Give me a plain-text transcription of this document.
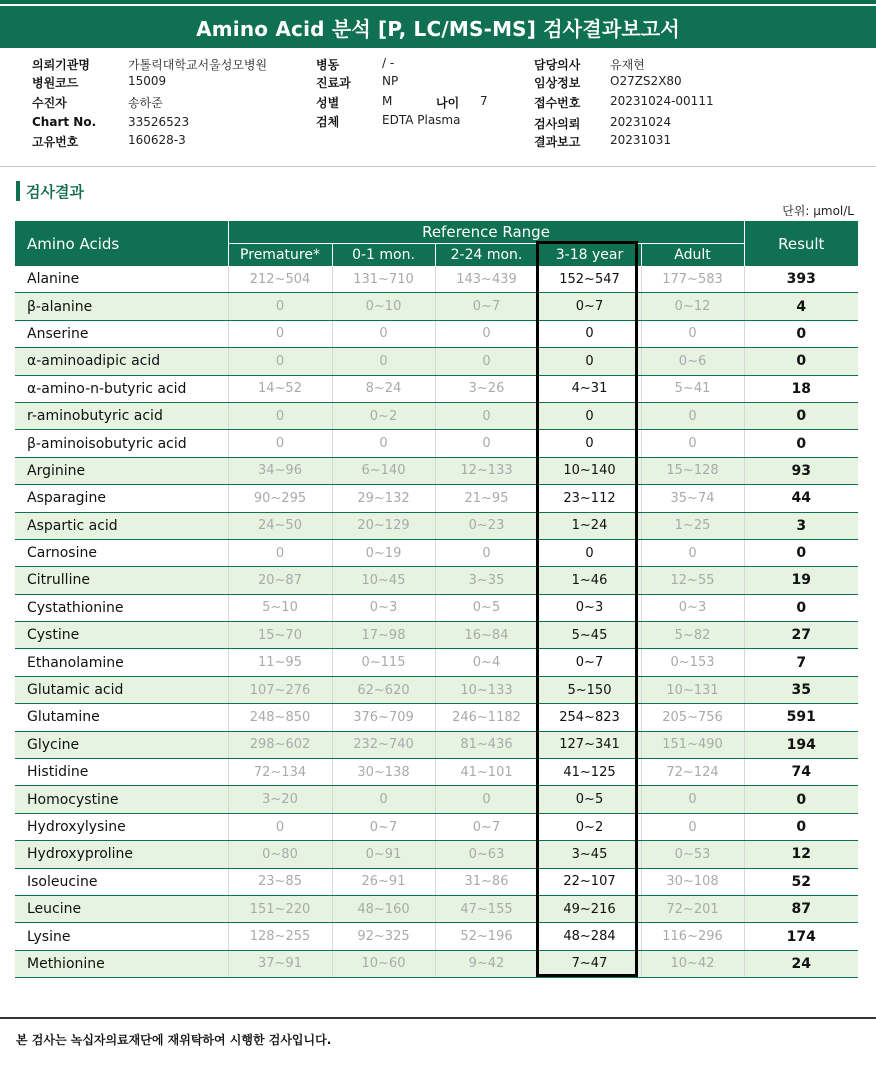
Amino Acid 분석 [P, LC/MS-MS] 검사결과보고서
의뢰기관명	가톨릭대학교서울성모병원
병원코드	15009
수진자	송하준
Chart No.	33526523
고유번호	160628-3
병동	/ -
진료과	NP
성별	M	나이 7
검체	EDTA Plasma
담당의사 유재현
임상정보 O27ZS2X80
접수번호 20231024-00111
검사의뢰 20231024
결과보고 20231031
검사결과
단위: μmol/L
Amino Acids	Reference Range					Result
	Premature*	0-1 mon.	2-24 mon.	3-18 year	Adult	
Alanine	212~504	131~710	143~439	152~547	177~583	393
β-alanine	0	0~10	0~7	0~7	0~12	4
Anserine	0	0	0	0	0	0
α-aminoadipic acid	0	0	0	0	0~6	0
α-amino-n-butyric acid	14~52	8~24	3~26	4~31	5~41	18
r-aminobutyric acid	0	0~2	0	0	0	0
β-aminoisobutyric acid	0	0	0	0	0	0
Arginine	34~96	6~140	12~133	10~140	15~128	93
Asparagine	90~295	29~132	21~95	23~112	35~74	44
Aspartic acid	24~50	20~129	0~23	1~24	1~25	3
Carnosine	0	0~19	0	0	0	0
Citrulline	20~87	10~45	3~35	1~46	12~55	19
Cystathionine	5~10	0~3	0~5	0~3	0~3	0
Cystine	15~70	17~98	16~84	5~45	5~82	27
Ethanolamine	11~95	0~115	0~4	0~7	0~153	7
Glutamic acid	107~276	62~620	10~133	5~150	10~131	35
Glutamine	248~850	376~709	246~1182	254~823	205~756	591
Glycine	298~602	232~740	81~436	127~341	151~490	194
Histidine	72~134	30~138	41~101	41~125	72~124	74
Homocystine	3~20	0	0	0~5	0	0
Hydroxylysine	0	0~7	0~7	0~2	0	0
Hydroxyproline	0~80	0~91	0~63	3~45	0~53	12
Isoleucine	23~85	26~91	31~86	22~107	30~108	52
Leucine	151~220	48~160	47~155	49~216	72~201	87
Lysine	128~255	92~325	52~196	48~284	116~296	174
Methionine	37~91	10~60	9~42	7~47	10~42	24
본 검사는 녹십자의료재단에 재위탁하여 시행한 검사입니다.
